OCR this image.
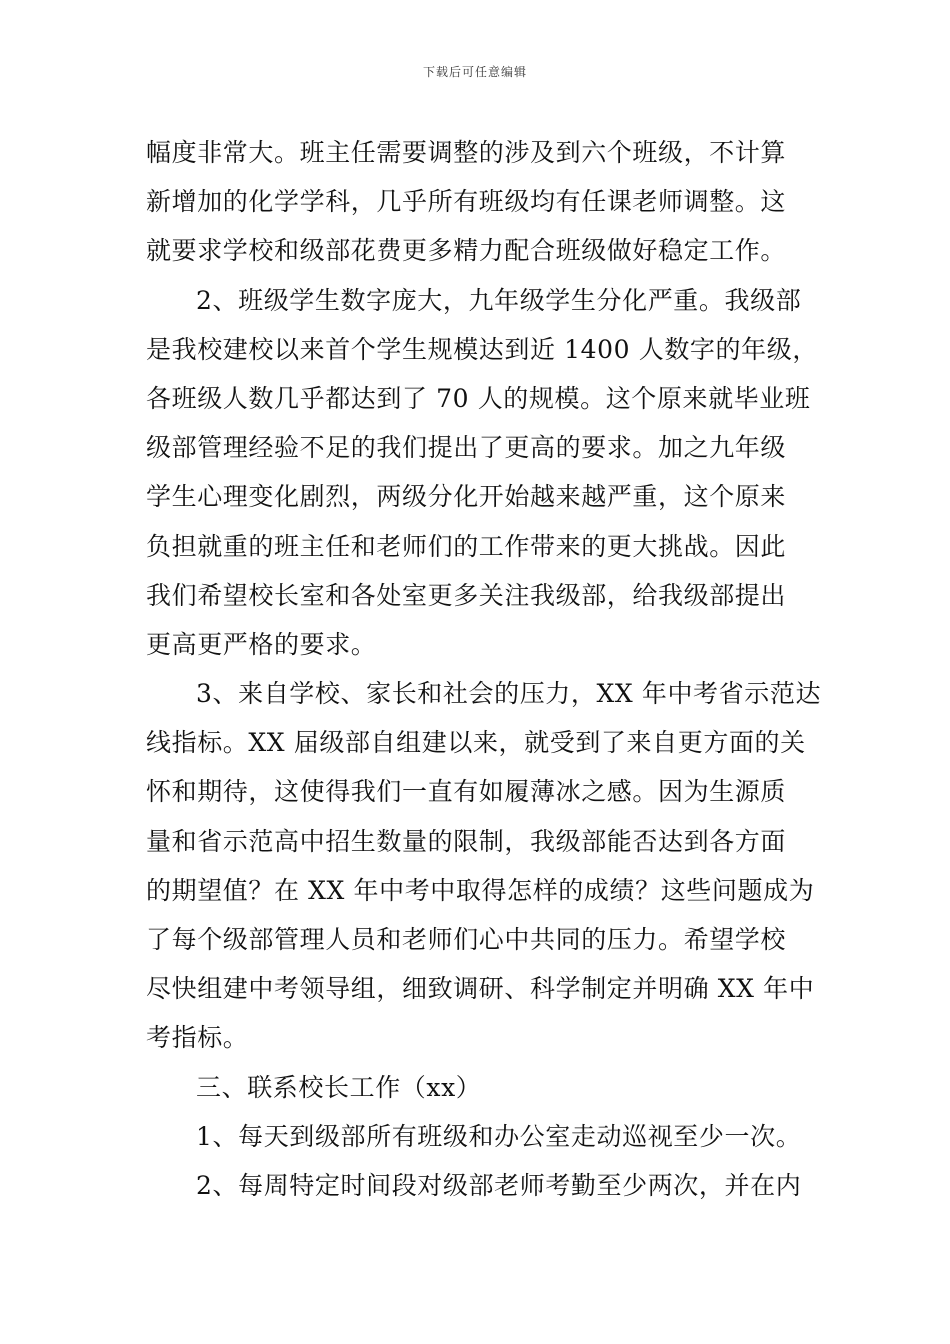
下载后可任意编辑
幅度非常大。班主任需要调整的涉及到六个班级，不计算
新增加的化学学科，几乎所有班级均有任课老师调整。这
就要求学校和级部花费更多精力配合班级做好稳定工作。
2、班级学生数字庞大，九年级学生分化严重。我级部
是我校建校以来首个学生规模达到近 1400 人数字的年级，
各班级人数几乎都达到了 70 人的规模。这个原来就毕业班
级部管理经验不足的我们提出了更高的要求。加之九年级
学生心理变化剧烈，两级分化开始越来越严重，这个原来
负担就重的班主任和老师们的工作带来的更大挑战。因此
我们希望校长室和各处室更多关注我级部，给我级部提出
更高更严格的要求。
3、来自学校、家长和社会的压力，XX 年中考省示范达
线指标。XX 届级部自组建以来，就受到了来自更方面的关
怀和期待，这使得我们一直有如履薄冰之感。因为生源质
量和省示范高中招生数量的限制，我级部能否达到各方面
的期望值？在 XX 年中考中取得怎样的成绩？这些问题成为
了每个级部管理人员和老师们心中共同的压力。希望学校
尽快组建中考领导组，细致调研、科学制定并明确 XX 年中
考指标。
三、联系校长工作（xx）
1、每天到级部所有班级和办公室走动巡视至少一次。
2、每周特定时间段对级部老师考勤至少两次，并在内
